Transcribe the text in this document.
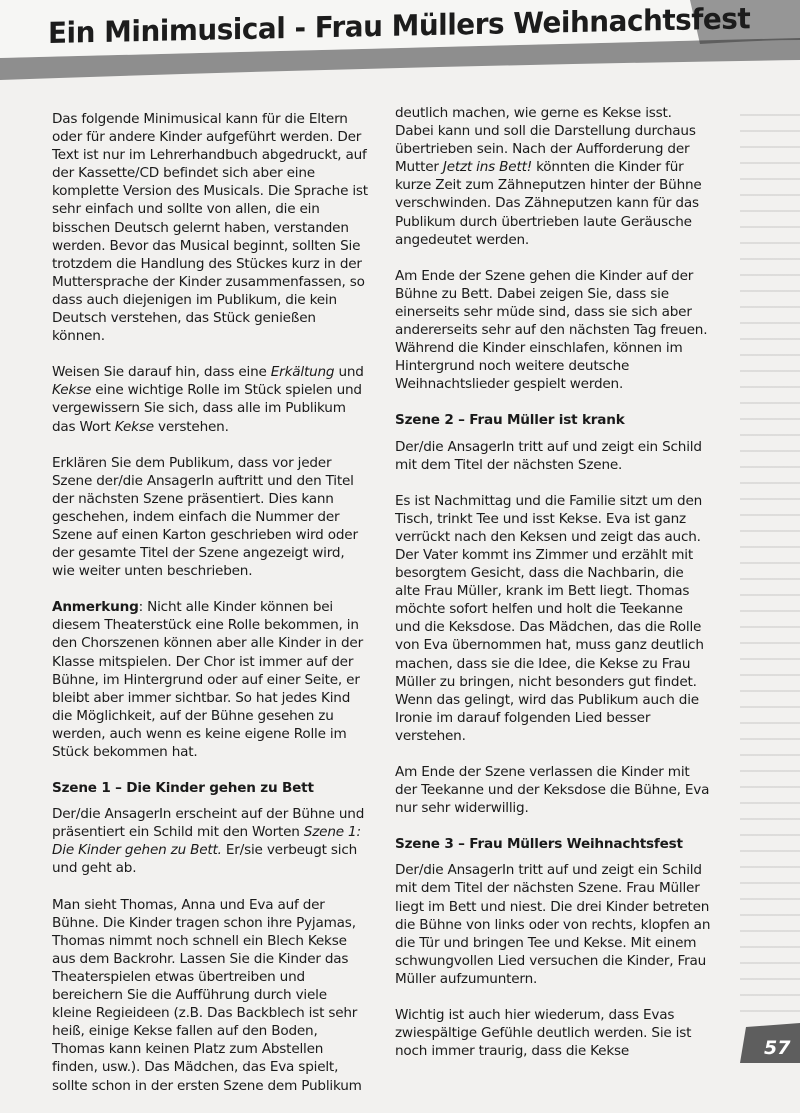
Ein Minimusical - Frau Müllers Weihnachtsfest

Das folgende Minimusical kann für die Eltern oder für andere Kinder aufgeführt werden. Der Text ist nur im Lehrerhandbuch abgedruckt, auf der Kassette/CD befindet sich aber eine komplette Version des Musicals. Die Sprache ist sehr einfach und sollte von allen, die ein bisschen Deutsch gelernt haben, verstanden werden. Bevor das Musical beginnt, sollten Sie trotzdem die Handlung des Stückes kurz in der Muttersprache der Kinder zusammenfassen, so dass auch diejenigen im Publikum, die kein Deutsch verstehen, das Stück genießen können.

Weisen Sie darauf hin, dass eine Erkältung und Kekse eine wichtige Rolle im Stück spielen und vergewissern Sie sich, dass alle im Publikum das Wort Kekse verstehen.

Erklären Sie dem Publikum, dass vor jeder Szene der/die AnsagerIn auftritt und den Titel der nächsten Szene präsentiert. Dies kann geschehen, indem einfach die Nummer der Szene auf einen Karton geschrieben wird oder der gesamte Titel der Szene angezeigt wird, wie weiter unten beschrieben.

Anmerkung: Nicht alle Kinder können bei diesem Theaterstück eine Rolle bekommen, in den Chorszenen können aber alle Kinder in der Klasse mitspielen. Der Chor ist immer auf der Bühne, im Hintergrund oder auf einer Seite, er bleibt aber immer sichtbar. So hat jedes Kind die Möglichkeit, auf der Bühne gesehen zu werden, auch wenn es keine eigene Rolle im Stück bekommen hat.

Szene 1 – Die Kinder gehen zu Bett

Der/die AnsagerIn erscheint auf der Bühne und präsentiert ein Schild mit den Worten Szene 1: Die Kinder gehen zu Bett. Er/sie verbeugt sich und geht ab.

Man sieht Thomas, Anna und Eva auf der Bühne. Die Kinder tragen schon ihre Pyjamas, Thomas nimmt noch schnell ein Blech Kekse aus dem Backrohr. Lassen Sie die Kinder das Theaterspielen etwas übertreiben und bereichern Sie die Aufführung durch viele kleine Regieideen (z.B. Das Backblech ist sehr heiß, einige Kekse fallen auf den Boden, Thomas kann keinen Platz zum Abstellen finden, usw.). Das Mädchen, das Eva spielt, sollte schon in der ersten Szene dem Publikum

deutlich machen, wie gerne es Kekse isst. Dabei kann und soll die Darstellung durchaus übertrieben sein. Nach der Aufforderung der Mutter Jetzt ins Bett! könnten die Kinder für kurze Zeit zum Zähneputzen hinter der Bühne verschwinden. Das Zähneputzen kann für das Publikum durch übertrieben laute Geräusche angedeutet werden.

Am Ende der Szene gehen die Kinder auf der Bühne zu Bett. Dabei zeigen Sie, dass sie einerseits sehr müde sind, dass sie sich aber andererseits sehr auf den nächsten Tag freuen. Während die Kinder einschlafen, können im Hintergrund noch weitere deutsche Weihnachtslieder gespielt werden.

Szene 2 – Frau Müller ist krank

Der/die AnsagerIn tritt auf und zeigt ein Schild mit dem Titel der nächsten Szene.

Es ist Nachmittag und die Familie sitzt um den Tisch, trinkt Tee und isst Kekse. Eva ist ganz verrückt nach den Keksen und zeigt das auch. Der Vater kommt ins Zimmer und erzählt mit besorgtem Gesicht, dass die Nachbarin, die alte Frau Müller, krank im Bett liegt. Thomas möchte sofort helfen und holt die Teekanne und die Keksdose. Das Mädchen, das die Rolle von Eva übernommen hat, muss ganz deutlich machen, dass sie die Idee, die Kekse zu Frau Müller zu bringen, nicht besonders gut findet. Wenn das gelingt, wird das Publikum auch die Ironie im darauf folgenden Lied besser verstehen.

Am Ende der Szene verlassen die Kinder mit der Teekanne und der Keksdose die Bühne, Eva nur sehr widerwillig.

Szene 3 – Frau Müllers Weihnachtsfest

Der/die AnsagerIn tritt auf und zeigt ein Schild mit dem Titel der nächsten Szene. Frau Müller liegt im Bett und niest. Die drei Kinder betreten die Bühne von links oder von rechts, klopfen an die Tür und bringen Tee und Kekse. Mit einem schwungvollen Lied versuchen die Kinder, Frau Müller aufzumuntern.

Wichtig ist auch hier wiederum, dass Evas zwiespältige Gefühle deutlich werden. Sie ist noch immer traurig, dass die Kekse	57
